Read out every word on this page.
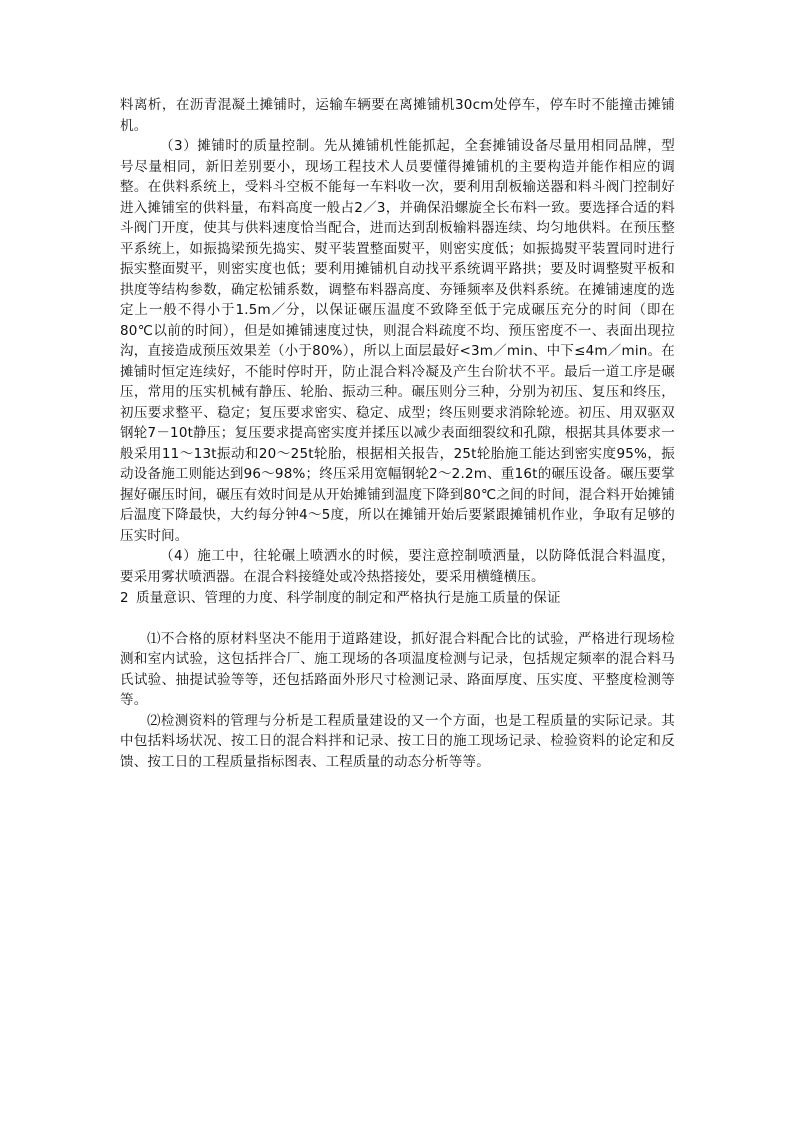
料离析，在沥青混凝土摊铺时，运输车辆要在离摊铺机30cm处停车，停车时不能撞击摊铺机。

（3）摊铺时的质量控制。先从摊铺机性能抓起，全套摊铺设备尽量用相同品牌，型号尽量相同，新旧差别要小，现场工程技术人员要懂得摊铺机的主要构造并能作相应的调整。在供料系统上，受料斗空板不能每一车料收一次，要利用刮板输送器和料斗阀门控制好进入摊铺室的供料量，布料高度一般占2／3，并确保沿螺旋全长布料一致。要选择合适的料斗阀门开度，使其与供料速度恰当配合，进而达到刮板输料器连续、均匀地供料。在预压整平系统上，如振捣梁预先捣实、熨平装置整面熨平，则密实度低；如振捣熨平装置同时进行振实整面熨平，则密实度也低；要利用摊铺机自动找平系统调平路拱；要及时调整熨平板和拱度等结构参数，确定松铺系数，调整布料器高度、夯锤频率及供料系统。在摊铺速度的选定上一般不得小于1.5m／分，以保证碾压温度不致降至低于完成碾压充分的时间（即在80℃以前的时间），但是如摊铺速度过快，则混合料疏度不均、预压密度不一、表面出现拉沟，直接造成预压效果差（小于80%），所以上面层最好<3m／min、中下≤4m／min。在摊铺时恒定连续好，不能时停时开，防止混合料冷凝及产生台阶状不平。最后一道工序是碾压，常用的压实机械有静压、轮胎、振动三种。碾压则分三种，分别为初压、复压和终压，初压要求整平、稳定；复压要求密实、稳定、成型；终压则要求消除轮迹。初压、用双驱双钢轮7－10t静压；复压要求提高密实度并揉压以减少表面细裂纹和孔隙，根据其具体要求一般采用11～13t振动和20～25t轮胎，根据相关报告，25t轮胎施工能达到密实度95%，振动设备施工则能达到96～98%；终压采用宽幅钢轮2～2.2m、重16t的碾压设备。碾压要掌握好碾压时间，碾压有效时间是从开始摊铺到温度下降到80℃之间的时间，混合料开始摊铺后温度下降最快，大约每分钟4～5度，所以在摊铺开始后要紧跟摊铺机作业，争取有足够的压实时间。

（4）施工中，往轮碾上喷洒水的时候，要注意控制喷洒量，以防降低混合料温度，要采用雾状喷洒器。在混合料接缝处或冷热搭接处，要采用横缝横压。

2 质量意识、管理的力度、科学制度的制定和严格执行是施工质量的保证

⑴不合格的原材料坚决不能用于道路建设，抓好混合料配合比的试验，严格进行现场检测和室内试验，这包括拌合厂、施工现场的各项温度检测与记录，包括规定频率的混合料马氏试验、抽提试验等等，还包括路面外形尺寸检测记录、路面厚度、压实度、平整度检测等等。

⑵检测资料的管理与分析是工程质量建设的又一个方面，也是工程质量的实际记录。其中包括料场状况、按工日的混合料拌和记录、按工日的施工现场记录、检验资料的论定和反馈、按工日的工程质量指标图表、工程质量的动态分析等等。
